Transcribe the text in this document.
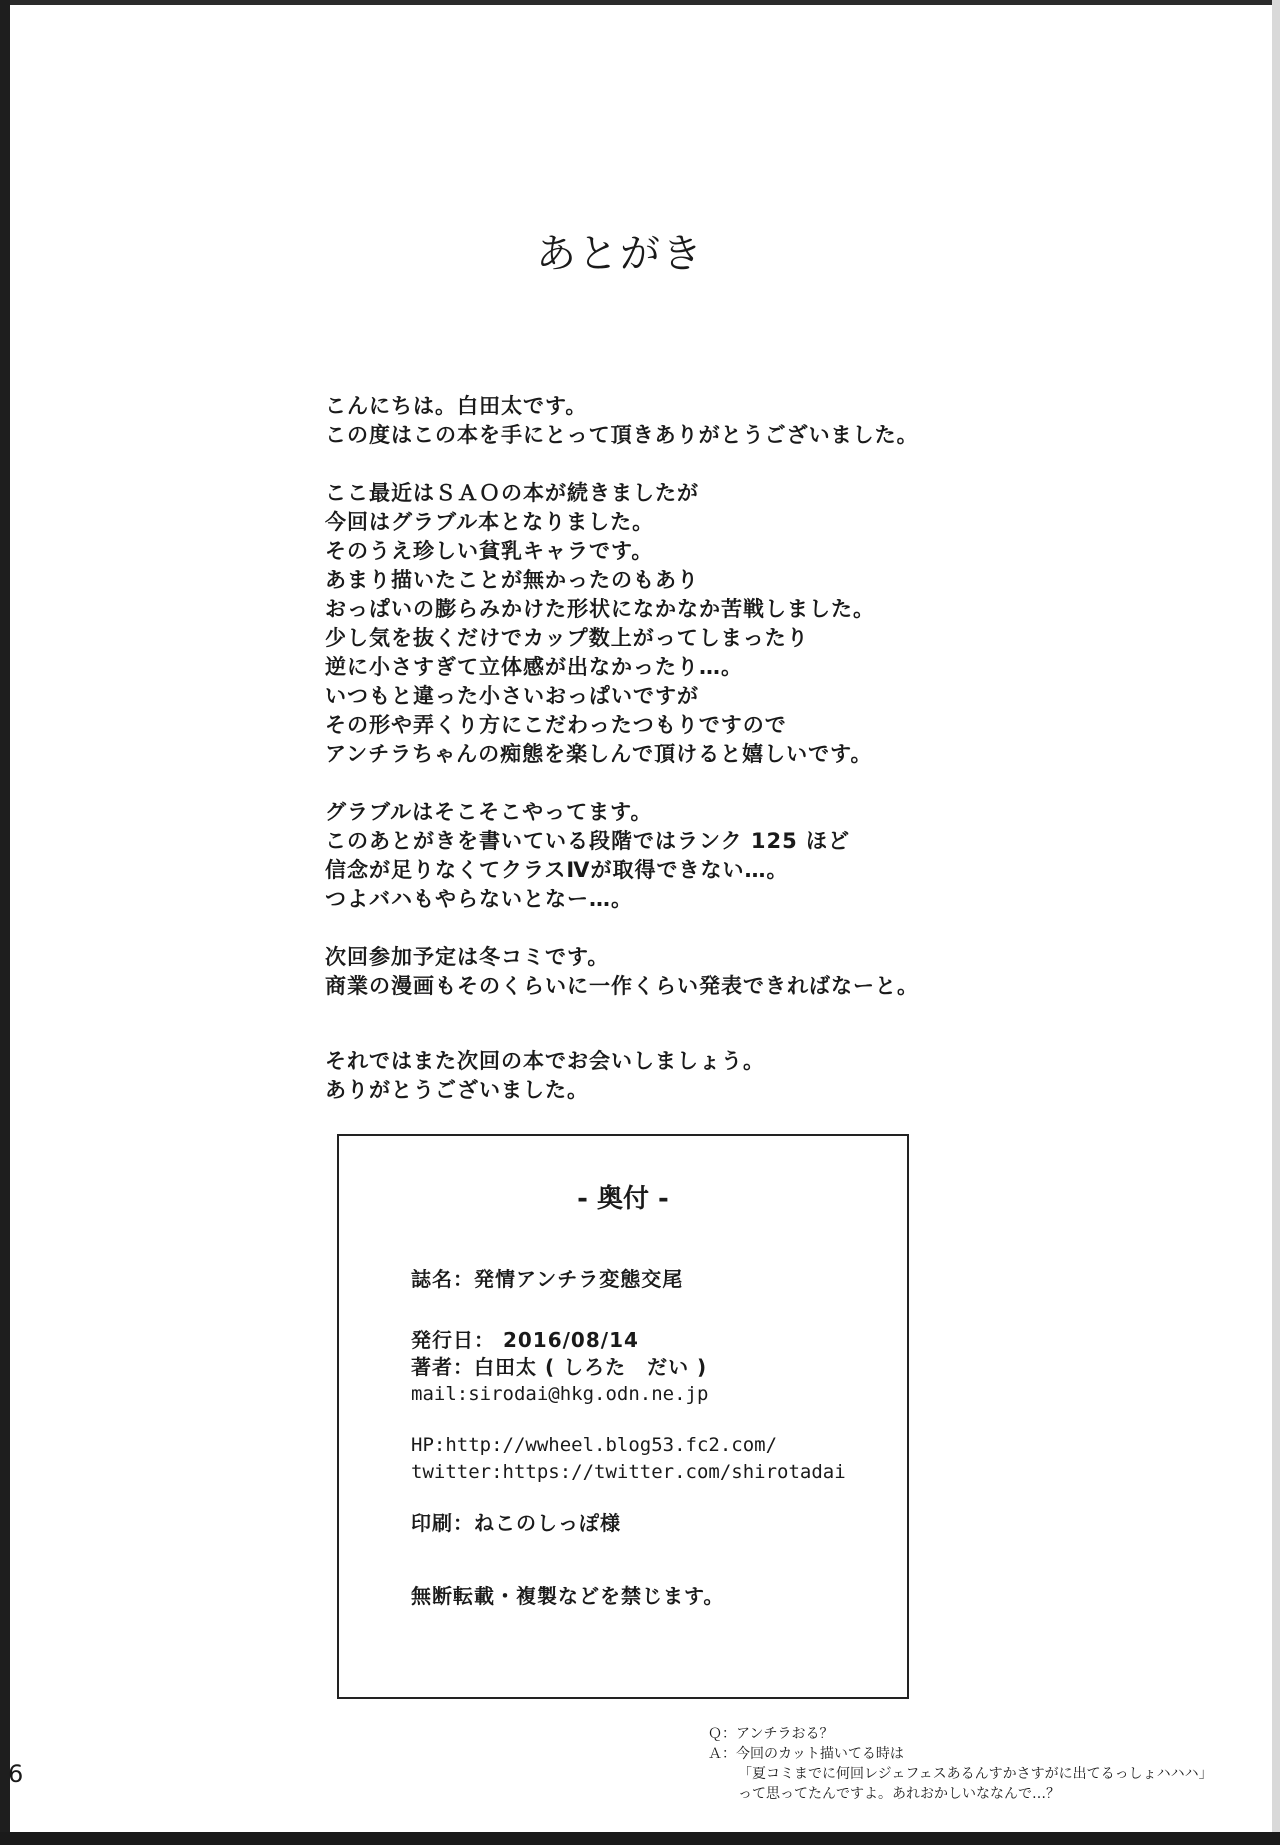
あとがき
こんにちは。白田太です。
この度はこの本を手にとって頂きありがとうございました。
ここ最近はＳＡＯの本が続きましたが
今回はグラブル本となりました。
そのうえ珍しい貧乳キャラです。
あまり描いたことが無かったのもあり
おっぱいの膨らみかけた形状になかなか苦戦しました。
少し気を抜くだけでカップ数上がってしまったり
逆に小さすぎて立体感が出なかったり…。
いつもと違った小さいおっぱいですが
その形や弄くり方にこだわったつもりですので
アンチラちゃんの痴態を楽しんで頂けると嬉しいです。
グラブルはそこそこやってます。
このあとがきを書いている段階ではランク 125 ほど
信念が足りなくてクラスⅣが取得できない…。
つよバハもやらないとなー…。
次回参加予定は冬コミです。
商業の漫画もそのくらいに一作くらい発表できればなーと。
それではまた次回の本でお会いしましょう。
ありがとうございました。
- 奥付 -
誌名：発情アンチラ変態交尾
発行日： 2016/08/14
著者：白田太 ( しろた　だい )
mail:sirodai@hkg.odn.ne.jp
HP:http://wwheel.blog53.fc2.com/
twitter:https://twitter.com/shirotadai
印刷：ねこのしっぽ様
無断転載・複製などを禁じます。
6
Ｑ：アンチラおる？
Ａ：今回のカット描いてる時は
「夏コミまでに何回レジェフェスあるんすかさすがに出てるっしょハハハ」
って思ってたんですよ。あれおかしいななんで…？
